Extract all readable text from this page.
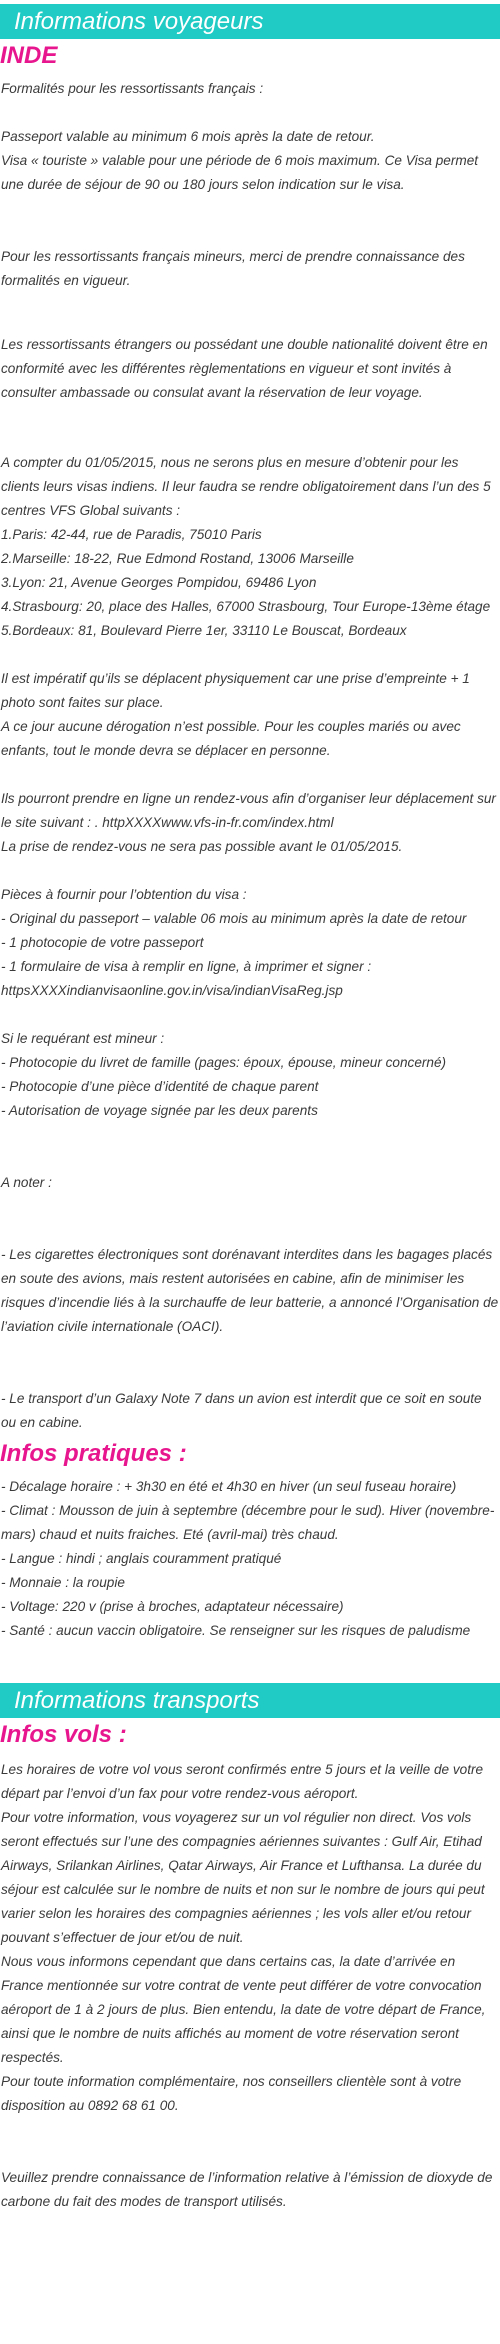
Informations voyageurs
INDE

Formalités pour les ressortissants français :

Passeport valable au minimum 6 mois après la date de retour.
Visa « touriste » valable pour une période de 6 mois maximum. Ce Visa permet une durée de séjour de 90 ou 180 jours selon indication sur le visa.

Pour les ressortissants français mineurs, merci de prendre connaissance des formalités en vigueur.

Les ressortissants étrangers ou possédant une double nationalité doivent être en conformité avec les différentes règlementations en vigueur et sont invités à consulter ambassade ou consulat avant la réservation de leur voyage.

A compter du 01/05/2015, nous ne serons plus en mesure d’obtenir pour les clients leurs visas indiens. Il leur faudra se rendre obligatoirement dans l’un des 5 centres VFS Global suivants :
1.Paris: 42-44, rue de Paradis, 75010 Paris
2.Marseille: 18-22, Rue Edmond Rostand, 13006 Marseille
3.Lyon: 21, Avenue Georges Pompidou, 69486 Lyon
4.Strasbourg: 20, place des Halles, 67000 Strasbourg, Tour Europe-13ème étage
5.Bordeaux: 81, Boulevard Pierre 1er, 33110 Le Bouscat, Bordeaux

Il est impératif qu’ils se déplacent physiquement car une prise d’empreinte + 1 photo sont faites sur place.
A ce jour aucune dérogation n’est possible. Pour les couples mariés ou avec enfants, tout le monde devra se déplacer en personne.

Ils pourront prendre en ligne un rendez-vous afin d’organiser leur déplacement sur le site suivant : . httpXXXXwww.vfs-in-fr.com/index.html
La prise de rendez-vous ne sera pas possible avant le 01/05/2015.

Pièces à fournir pour l’obtention du visa :
- Original du passeport – valable 06 mois au minimum après la date de retour
- 1 photocopie de votre passeport
- 1 formulaire de visa à remplir en ligne, à imprimer et signer : httpsXXXXindianvisaonline.gov.in/visa/indianVisaReg.jsp

Si le requérant est mineur :
- Photocopie du livret de famille (pages: époux, épouse, mineur concerné)
- Photocopie d’une pièce d’identité de chaque parent
- Autorisation de voyage signée par les deux parents

A noter :

- Les cigarettes électroniques sont dorénavant interdites dans les bagages placés en soute des avions, mais restent autorisées en cabine, afin de minimiser les risques d’incendie liés à la surchauffe de leur batterie, a annoncé l’Organisation de l’aviation civile internationale (OACI).

- Le transport d’un Galaxy Note 7 dans un avion est interdit que ce soit en soute ou en cabine.

Infos pratiques :

- Décalage horaire : + 3h30 en été et 4h30 en hiver (un seul fuseau horaire)
- Climat : Mousson de juin à septembre (décembre pour le sud). Hiver (novembre-mars) chaud et nuits fraiches. Eté (avril-mai) très chaud.
- Langue : hindi ; anglais couramment pratiqué
- Monnaie : la roupie
- Voltage: 220 v (prise à broches, adaptateur nécessaire)
- Santé : aucun vaccin obligatoire. Se renseigner sur les risques de paludisme

Informations transports
Infos vols :

Les horaires de votre vol vous seront confirmés entre 5 jours et la veille de votre départ par l’envoi d’un fax pour votre rendez-vous aéroport.
Pour votre information, vous voyagerez sur un vol régulier non direct. Vos vols seront effectués sur l’une des compagnies aériennes suivantes : Gulf Air, Etihad Airways, Srilankan Airlines, Qatar Airways, Air France et Lufthansa. La durée du séjour est calculée sur le nombre de nuits et non sur le nombre de jours qui peut varier selon les horaires des compagnies aériennes ; les vols aller et/ou retour pouvant s’effectuer de jour et/ou de nuit.
Nous vous informons cependant que dans certains cas, la date d’arrivée en France mentionnée sur votre contrat de vente peut différer de votre convocation aéroport de 1 à 2 jours de plus. Bien entendu, la date de votre départ de France, ainsi que le nombre de nuits affichés au moment de votre réservation seront respectés.
Pour toute information complémentaire, nos conseillers clientèle sont à votre disposition au 0892 68 61 00.

Veuillez prendre connaissance de l’information relative à l’émission de dioxyde de carbone du fait des modes de transport utilisés.
